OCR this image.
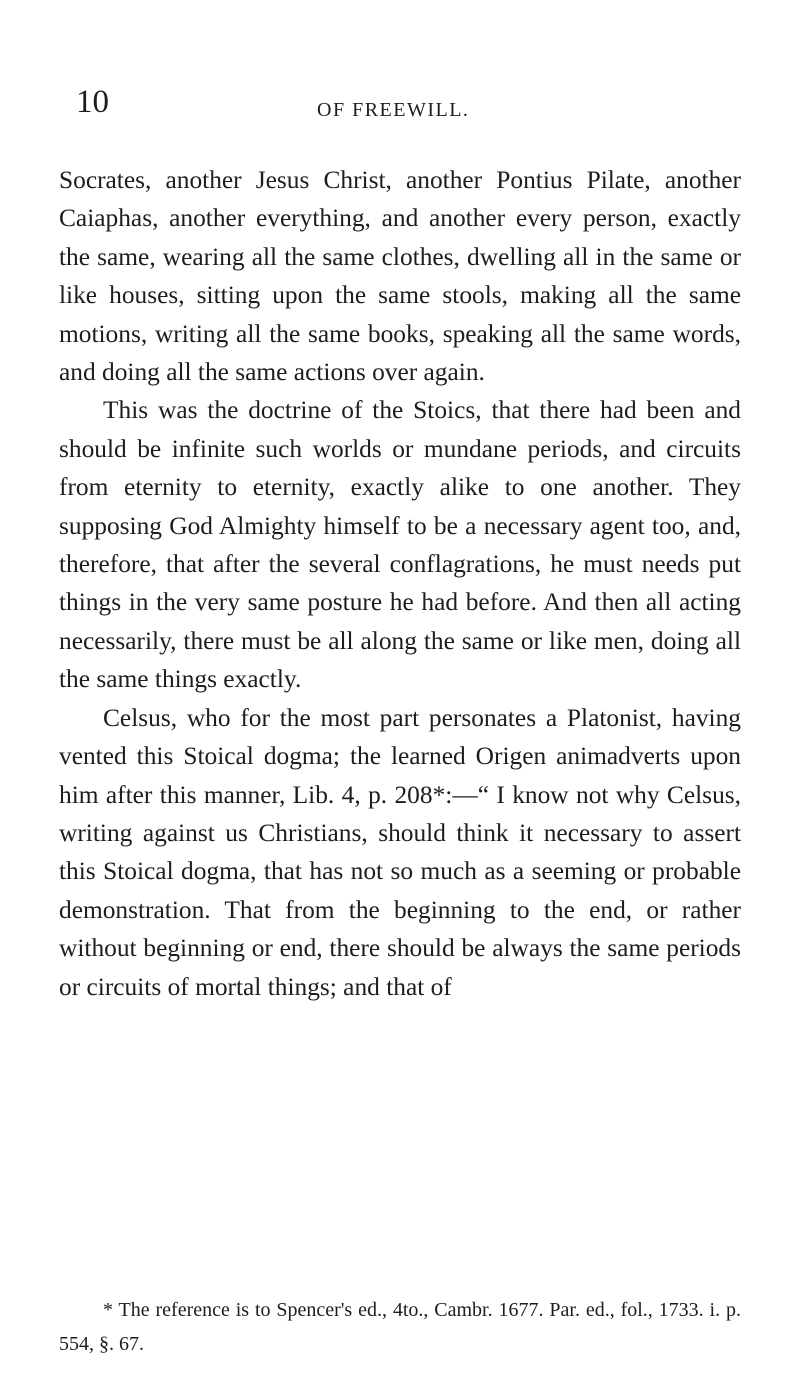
10	OF FREEWILL.

Socrates, another Jesus Christ, another Pontius Pilate, another Caiaphas, another everything, and another every person, exactly the same, wearing all the same clothes, dwelling all in the same or like houses, sitting upon the same stools, making all the same motions, writing all the same books, speaking all the same words, and doing all the same actions over again.

This was the doctrine of the Stoics, that there had been and should be infinite such worlds or mundane periods, and circuits from eternity to eternity, exactly alike to one another. They supposing God Almighty himself to be a necessary agent too, and, therefore, that after the several conflagrations, he must needs put things in the very same posture he had before. And then all acting necessarily, there must be all along the same or like men, doing all the same things exactly.

Celsus, who for the most part personates a Platonist, having vented this Stoical dogma; the learned Origen animadverts upon him after this manner, Lib. 4, p. 208*:—“ I know not why Celsus, writing against us Christians, should think it necessary to assert this Stoical dogma, that has not so much as a seeming or probable demonstration. That from the beginning to the end, or rather without beginning or end, there should be always the same periods or circuits of mortal things; and that of

* The reference is to Spencer's ed., 4to., Cambr. 1677. Par. ed., fol., 1733. i. p. 554, §. 67.
